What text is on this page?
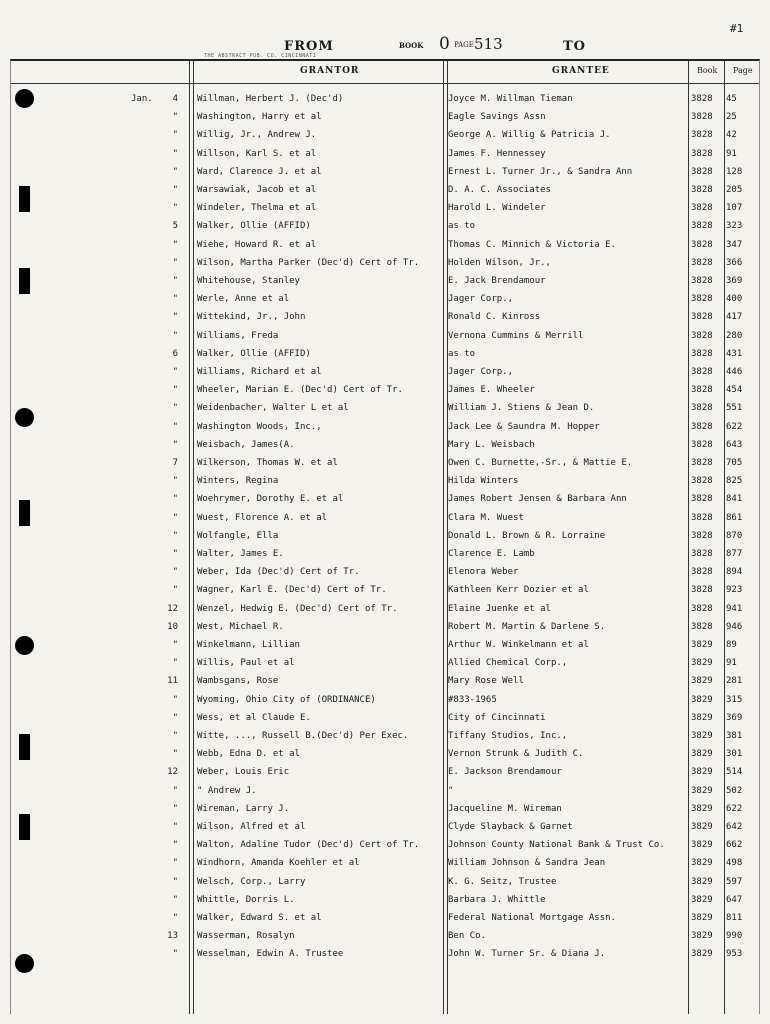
#1
FROM	BOOK 0 PAGE 513	TO
THE ABSTRACT PUB. CO. CINCINNATI
GRANTOR	GRANTEE	Book Page
Jan.	4 Willman, Herbert J. (Dec'd)	Joyce M. Willman Tieman	3828 45
" Washington, Harry et al	Eagle Savings Assn	3828 25
" Willig, Jr., Andrew J.	George A. Willig & Patricia J.	3828 42
" Willson, Karl S. et al	James F. Hennessey	3828 91
" Ward, Clarence J. et al	Ernest L. Turner Jr., & Sandra Ann	3828 128
" Warsawiak, Jacob et al	D. A. C. Associates	3828 205
" Windeler, Thelma et al	Harold L. Windeler	3828 107
5 Walker, Ollie (AFFID)	as to	3828 323
" Wiehe, Howard R. et al	Thomas C. Minnich & Victoria E.	3828 347
" Wilson, Martha Parker (Dec'd) Cert of Tr.	Holden Wilson, Jr.,	3828 366
" Whitehouse, Stanley	E. Jack Brendamour	3828 369
" Werle, Anne et al	Jager Corp.,	3828 400
" Wittekind, Jr., John	Ronald C. Kinross	3828 417
" Williams, Freda	Vernona Cummins & Merrill	3828 280
6 Walker, Ollie (AFFID)	as to	3828 431
" Williams, Richard et al	Jager Corp.,	3828 446
" Wheeler, Marian E. (Dec'd) Cert of Tr.	James E. Wheeler	3828 454
" Weidenbacher, Walter L et al	William J. Stiens & Jean D.	3828 551
" Washington Woods, Inc.,	Jack Lee & Saundra M. Hopper	3828 622
" Weisbach, James(A.	Mary L. Weisbach	3828 643
7 Wilkerson, Thomas W. et al	Owen C. Burnette,-Sr., & Mattie E.	3828 705
" Winters, Regina	Hilda Winters	3828 825
" Woehrymer, Dorothy E. et al	James Robert Jensen & Barbara Ann	3828 841
" Wuest, Florence A. et al	Clara M. Wuest	3828 861
" Wolfangle, Ella	Donald L. Brown & R. Lorraine	3828 870
" Walter, James E.	Clarence E. Lamb	3828 877
" Weber, Ida (Dec'd) Cert of Tr.	Elenora Weber	3828 894
" Wagner, Karl E. (Dec'd) Cert of Tr.	Kathleen Kerr Dozier et al	3828 923
12 Wenzel, Hedwig E. (Dec'd) Cert of Tr.	Elaine Juenke et al	3828 941
10 West, Michael R.	Robert M. Martin & Darlene S.	3828 946
" Winkelmann, Lillian	Arthur W. Winkelmann et al	3829 89
" Willis, Paul et al	Allied Chemical Corp.,	3829 91
11 Wambsgans, Rose	Mary Rose Well	3829 281
" Wyoming, Ohio City of (ORDINANCE)	#833-1965	3829 315
" Wess, et al Claude E.	City of Cincinnati	3829 369
" Witte, ..., Russell B.(Dec'd) Per Exec.	Tiffany Studios, Inc.,	3829 381
" Webb, Edna D. et al	Vernon Strunk & Judith C.	3829 301
12 Weber, Louis Eric	E. Jackson Brendamour	3829 514
" " Andrew J.	"	3829 502
" Wireman, Larry J.	Jacqueline M. Wireman	3829 622
" Wilson, Alfred et al	Clyde Slayback & Garnet	3829 642
" Walton, Adaline Tudor (Dec'd) Cert of Tr.	Johnson County National Bank & Trust Co.	3829 662
" Windhorn, Amanda Koehler et al	William Johnson & Sandra Jean	3829 498
" Welsch, Corp., Larry	K. G. Seitz, Trustee	3829 597
" Whittle, Dorris L.	Barbara J. Whittle	3829 647
" Walker, Edward S. et al	Federal National Mortgage Assn.	3829 811
13 Wasserman, Rosalyn	Ben Co.	3829 990
" Wesselman, Edwin A. Trustee	John W. Turner Sr. & Diana J.	3829 953
